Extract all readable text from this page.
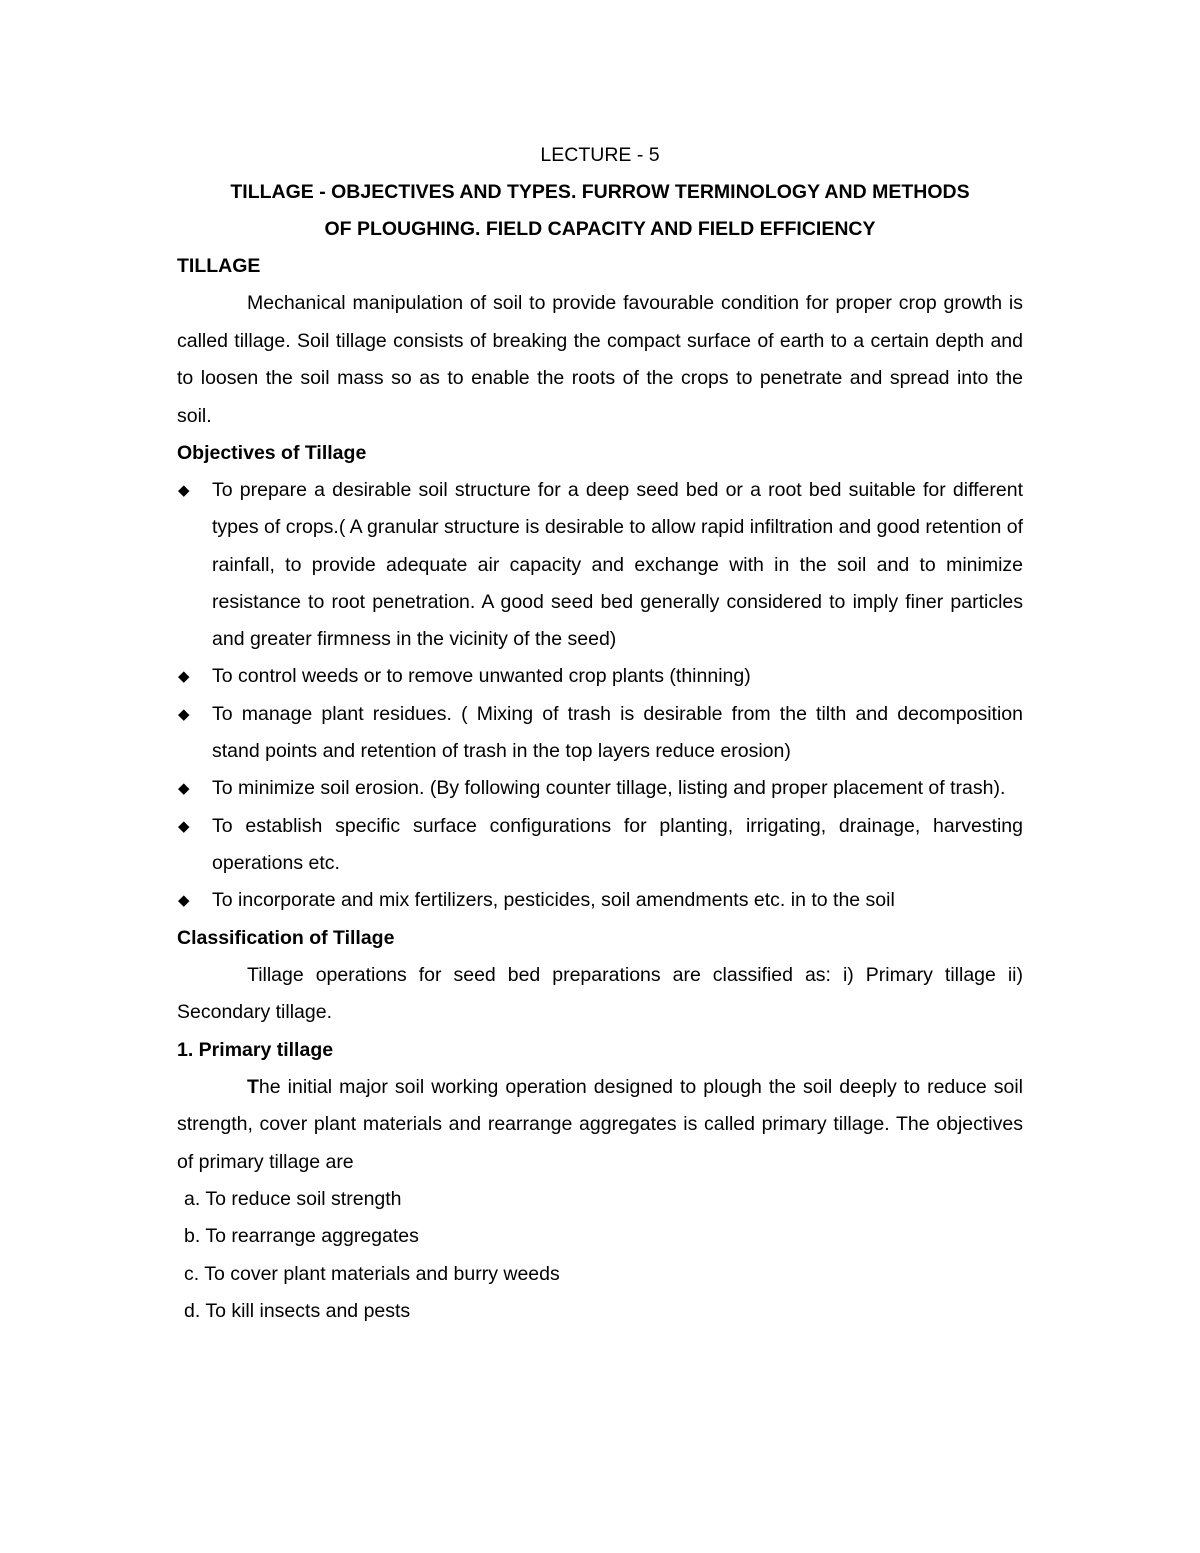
LECTURE - 5
TILLAGE - OBJECTIVES AND TYPES. FURROW TERMINOLOGY AND METHODS
OF PLOUGHING. FIELD CAPACITY AND FIELD EFFICIENCY
TILLAGE

Mechanical manipulation of soil to provide favourable condition for proper crop growth is called tillage. Soil tillage consists of breaking the compact surface of earth to a certain depth and to loosen the soil mass so as to enable the roots of the crops to penetrate and spread into the soil.

Objectives of Tillage
◆ To prepare a desirable soil structure for a deep seed bed or a root bed suitable for different types of crops.( A granular structure is desirable to allow rapid infiltration and good retention of rainfall, to provide adequate air capacity and exchange with in the soil and to minimize resistance to root penetration. A good seed bed generally considered to imply finer particles and greater firmness in the vicinity of the seed)
◆ To control weeds or to remove unwanted crop plants (thinning)
◆ To manage plant residues. ( Mixing of trash is desirable from the tilth and decomposition stand points and retention of trash in the top layers reduce erosion)
◆ To minimize soil erosion. (By following counter tillage, listing and proper placement of trash).
◆ To establish specific surface configurations for planting, irrigating, drainage, harvesting operations etc.
◆ To incorporate and mix fertilizers, pesticides, soil amendments etc. in to the soil
Classification of Tillage

Tillage operations for seed bed preparations are classified as: i) Primary tillage ii) Secondary tillage.

1. Primary tillage

The initial major soil working operation designed to plough the soil deeply to reduce soil strength, cover plant materials and rearrange aggregates is called primary tillage. The objectives of primary tillage are

a. To reduce soil strength
b. To rearrange aggregates
c. To cover plant materials and burry weeds
d. To kill insects and pests
